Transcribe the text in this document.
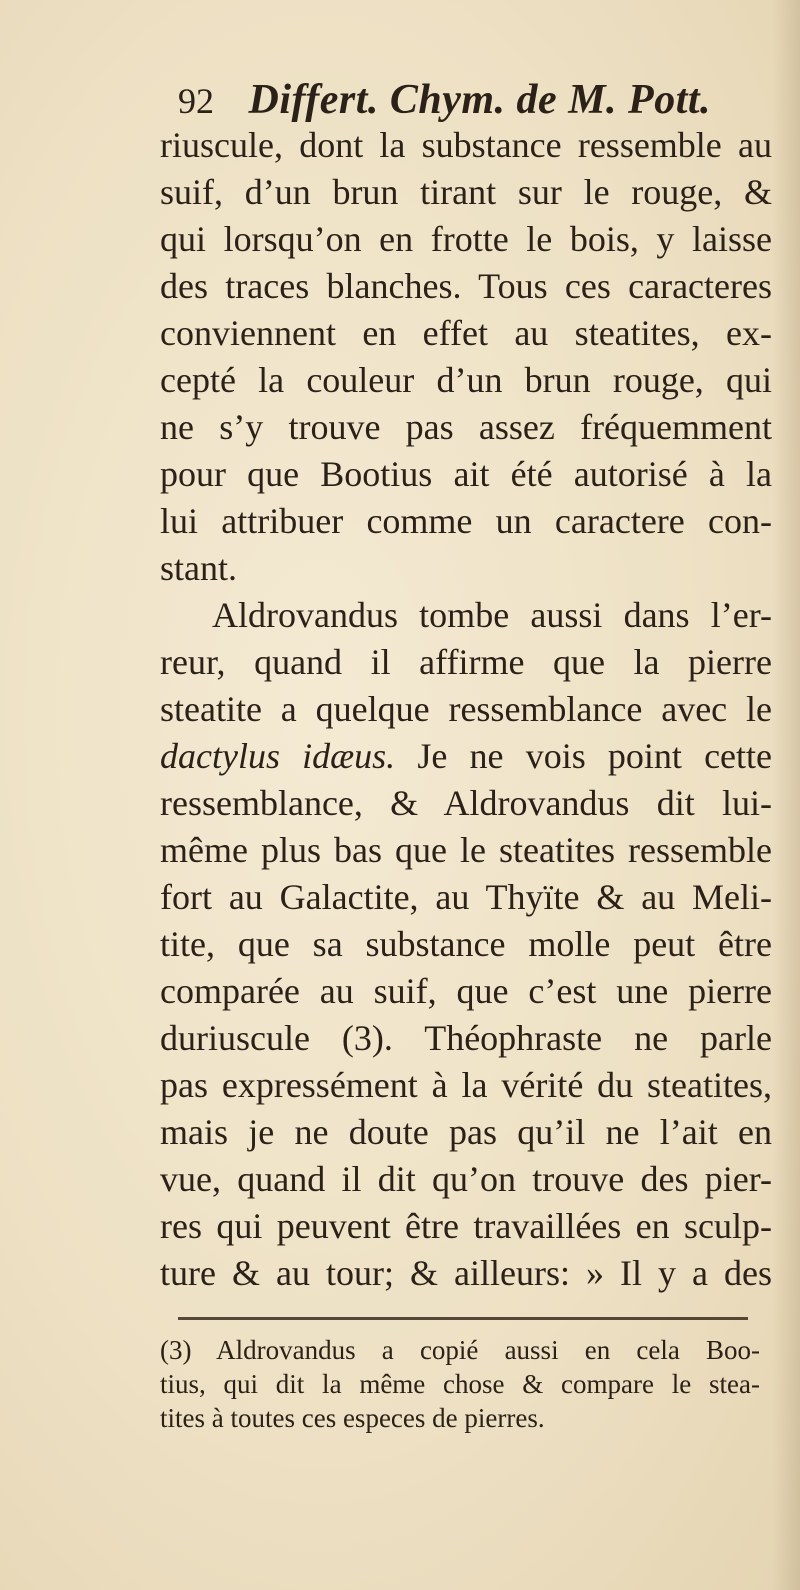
92 Differt. Chym. de M. Pott.
riuscule, dont la substance ressemble au
suif, d’un brun tirant sur le rouge, &
qui lorsqu’on en frotte le bois, y laisse
des traces blanches. Tous ces caracteres
conviennent en effet au steatites, ex-
cepté la couleur d’un brun rouge, qui
ne s’y trouve pas assez fréquemment
pour que Bootius ait été autorisé à la
lui attribuer comme un caractere con-
stant.
Aldrovandus tombe aussi dans l’er-
reur, quand il affirme que la pierre
steatite a quelque ressemblance avec le
dactylus idæus. Je ne vois point cette
ressemblance, & Aldrovandus dit lui-
même plus bas que le steatites ressemble
fort au Galactite, au Thyïte & au Meli-
tite, que sa substance molle peut être
comparée au suif, que c’est une pierre
duriuscule (3). Théophraste ne parle
pas expressément à la vérité du steatites,
mais je ne doute pas qu’il ne l’ait en
vue, quand il dit qu’on trouve des pier-
res qui peuvent être travaillées en sculp-
ture & au tour; & ailleurs: » Il y a des
(3) Aldrovandus a copié aussi en cela Boo-
tius, qui dit la même chose & compare le stea-
tites à toutes ces especes de pierres.
